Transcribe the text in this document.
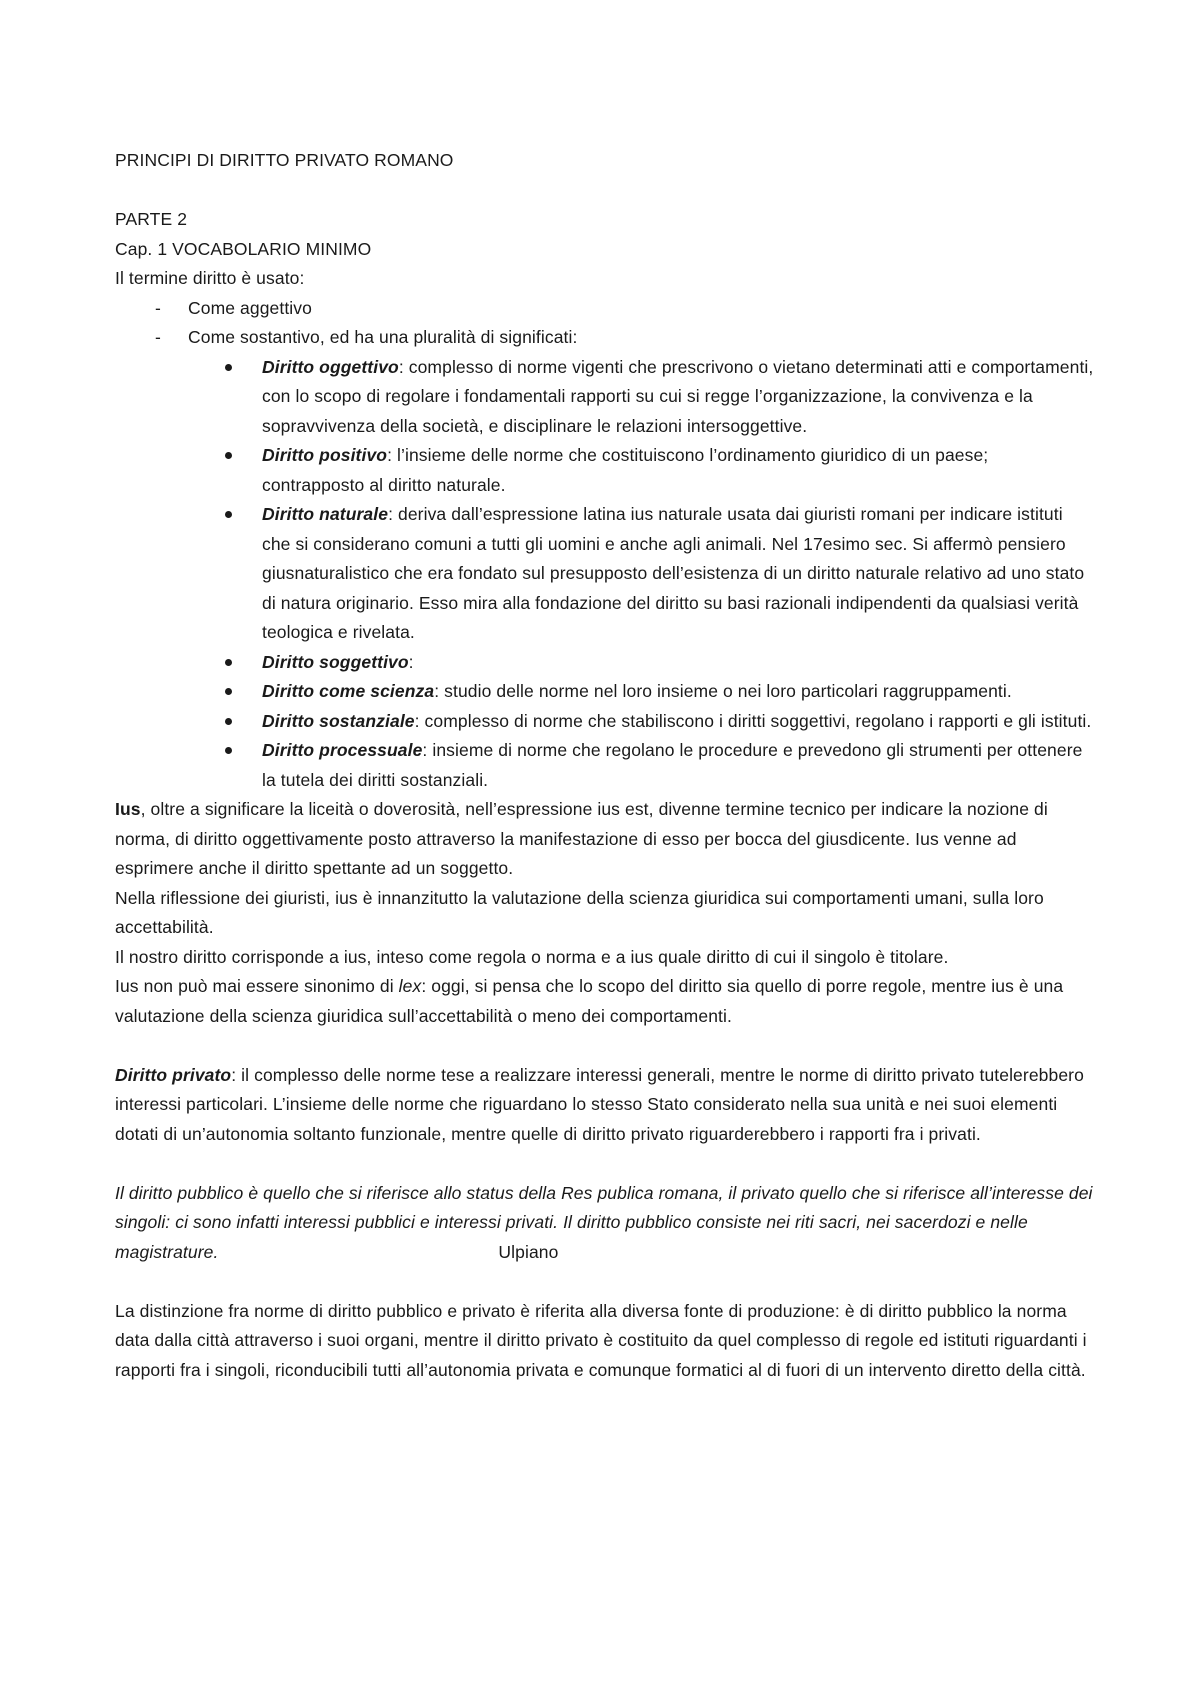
PRINCIPI DI DIRITTO PRIVATO ROMANO

PARTE 2

Cap. 1 VOCABOLARIO MINIMO

Il termine diritto è usato:

- Come aggettivo
- Come sostantivo, ed ha una pluralità di significati:
Diritto oggettivo: complesso di norme vigenti che prescrivono o vietano determinati atti e comportamenti, con lo scopo di regolare i fondamentali rapporti su cui si regge l’organizzazione, la convivenza e la sopravvivenza della società, e disciplinare le relazioni intersoggettive.
Diritto positivo: l’insieme delle norme che costituiscono l’ordinamento giuridico di un paese; contrapposto al diritto naturale.
Diritto naturale: deriva dall’espressione latina ius naturale usata dai giuristi romani per indicare istituti che si considerano comuni a tutti gli uomini e anche agli animali. Nel 17esimo sec. Si affermò pensiero giusnaturalistico che era fondato sul presupposto dell’esistenza di un diritto naturale relativo ad uno stato di natura originario. Esso mira alla fondazione del diritto su basi razionali indipendenti da qualsiasi verità teologica e rivelata.
Diritto soggettivo:
Diritto come scienza: studio delle norme nel loro insieme o nei loro particolari raggruppamenti.
Diritto sostanziale: complesso di norme che stabiliscono i diritti soggettivi, regolano i rapporti e gli istituti.
Diritto processuale: insieme di norme che regolano le procedure e prevedono gli strumenti per ottenere la tutela dei diritti sostanziali.

Ius, oltre a significare la liceità o doverosità, nell’espressione ius est, divenne termine tecnico per indicare la nozione di norma, di diritto oggettivamente posto attraverso la manifestazione di esso per bocca del giusdicente. Ius venne ad esprimere anche il diritto spettante ad un soggetto.

Nella riflessione dei giuristi, ius è innanzitutto la valutazione della scienza giuridica sui comportamenti umani, sulla loro accettabilità.

Il nostro diritto corrisponde a ius, inteso come regola o norma e a ius quale diritto di cui il singolo è titolare.

Ius non può mai essere sinonimo di lex: oggi, si pensa che lo scopo del diritto sia quello di porre regole, mentre ius è una valutazione della scienza giuridica sull’accettabilità o meno dei comportamenti.

Diritto privato: il complesso delle norme tese a realizzare interessi generali, mentre le norme di diritto privato tutelerebbero interessi particolari. L’insieme delle norme che riguardano lo stesso Stato considerato nella sua unità e nei suoi elementi dotati di un’autonomia soltanto funzionale, mentre quelle di diritto privato riguarderebbero i rapporti fra i privati.

Il diritto pubblico è quello che si riferisce allo status della Res publica romana, il privato quello che si riferisce all’interesse dei singoli: ci sono infatti interessi pubblici e interessi privati. Il diritto pubblico consiste nei riti sacri, nei sacerdozi e nelle magistrature.	Ulpiano

La distinzione fra norme di diritto pubblico e privato è riferita alla diversa fonte di produzione: è di diritto pubblico la norma data dalla città attraverso i suoi organi, mentre il diritto privato è costituito da quel complesso di regole ed istituti riguardanti i rapporti fra i singoli, riconducibili tutti all’autonomia privata e comunque formatici al di fuori di un intervento diretto della città.
